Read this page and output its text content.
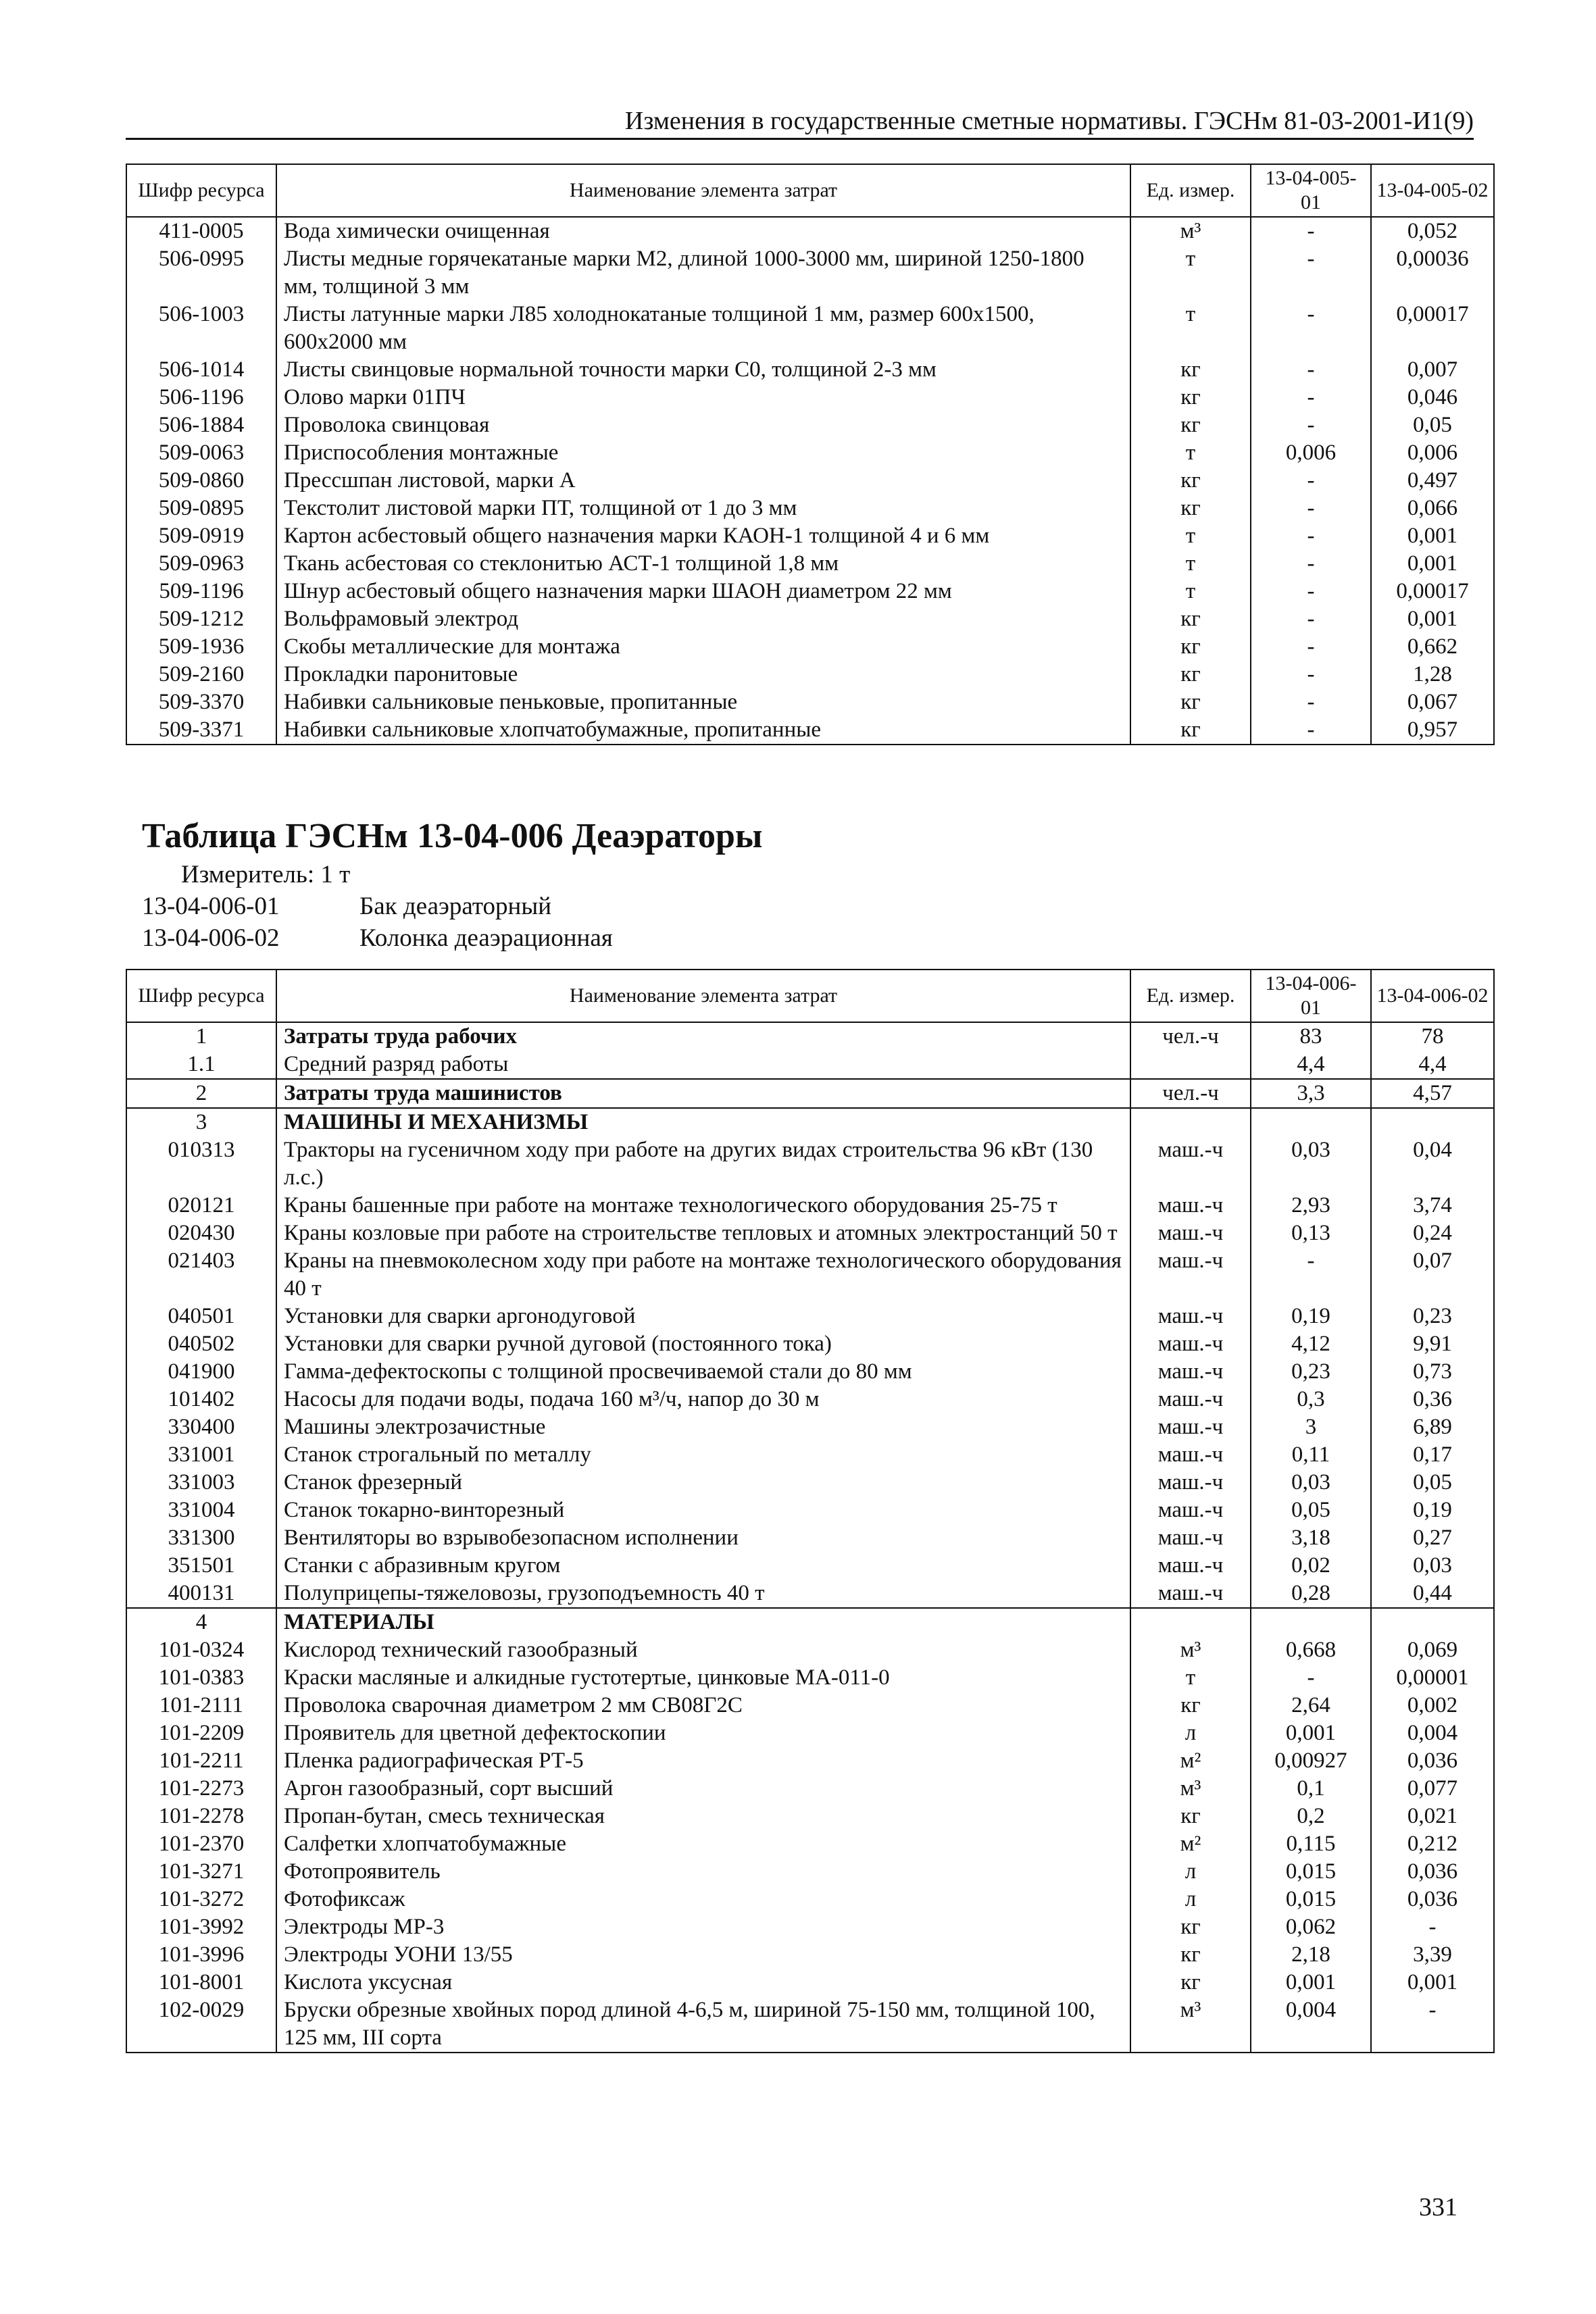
Изменения в государственные сметные нормативы. ГЭСНм 81-03-2001-И1(9)
Шифр ресурса	Наименование элемента затрат	Ед. измер.	13-04-005-01	13-04-005-02
411-0005	Вода химически очищенная	м³	-	0,052
506-0995	Листы медные горячекатаные марки М2, длиной 1000-3000 мм, шириной 1250-1800 мм, толщиной 3 мм	т	-	0,00036
506-1003	Листы латунные марки Л85 холоднокатаные толщиной 1 мм, размер 600х1500, 600х2000 мм	т	-	0,00017
506-1014	Листы свинцовые нормальной точности марки С0, толщиной 2-3 мм	кг	-	0,007
506-1196	Олово марки 01ПЧ	кг	-	0,046
506-1884	Проволока свинцовая	кг	-	0,05
509-0063	Приспособления монтажные	т	0,006	0,006
509-0860	Прессшпан листовой, марки А	кг	-	0,497
509-0895	Текстолит листовой марки ПТ, толщиной от 1 до 3 мм	кг	-	0,066
509-0919	Картон асбестовый общего назначения марки КАОН-1 толщиной 4 и 6 мм	т	-	0,001
509-0963	Ткань асбестовая со стеклонитью АСТ-1 толщиной 1,8 мм	т	-	0,001
509-1196	Шнур асбестовый общего назначения марки ШАОН диаметром 22 мм	т	-	0,00017
509-1212	Вольфрамовый электрод	кг	-	0,001
509-1936	Скобы металлические для монтажа	кг	-	0,662
509-2160	Прокладки паронитовые	кг	-	1,28
509-3370	Набивки сальниковые пеньковые, пропитанные	кг	-	0,067
509-3371	Набивки сальниковые хлопчатобумажные, пропитанные	кг	-	0,957
Таблица ГЭСНм 13-04-006 Деаэраторы
Измеритель: 1 т
13-04-006-01	Бак деаэраторный
13-04-006-02	Колонка деаэрационная
Шифр ресурса	Наименование элемента затрат	Ед. измер.	13-04-006-01	13-04-006-02
1	Затраты труда рабочих	чел.-ч	83	78
1.1	Средний разряд работы		4,4	4,4
2	Затраты труда машинистов	чел.-ч	3,3	4,57
3	МАШИНЫ И МЕХАНИЗМЫ			
010313	Тракторы на гусеничном ходу при работе на других видах строительства 96 кВт (130 л.с.)	маш.-ч	0,03	0,04
020121	Краны башенные при работе на монтаже технологического оборудования 25-75 т	маш.-ч	2,93	3,74
020430	Краны козловые при работе на строительстве тепловых и атомных электростанций 50 т	маш.-ч	0,13	0,24
021403	Краны на пневмоколесном ходу при работе на монтаже технологического оборудования 40 т	маш.-ч	-	0,07
040501	Установки для сварки аргонодуговой	маш.-ч	0,19	0,23
040502	Установки для сварки ручной дуговой (постоянного тока)	маш.-ч	4,12	9,91
041900	Гамма-дефектоскопы с толщиной просвечиваемой стали до 80 мм	маш.-ч	0,23	0,73
101402	Насосы для подачи воды, подача 160 м³/ч, напор до 30 м	маш.-ч	0,3	0,36
330400	Машины электрозачистные	маш.-ч	3	6,89
331001	Станок строгальный по металлу	маш.-ч	0,11	0,17
331003	Станок фрезерный	маш.-ч	0,03	0,05
331004	Станок токарно-винторезный	маш.-ч	0,05	0,19
331300	Вентиляторы во взрывобезопасном исполнении	маш.-ч	3,18	0,27
351501	Станки с абразивным кругом	маш.-ч	0,02	0,03
400131	Полуприцепы-тяжеловозы, грузоподъемность 40 т	маш.-ч	0,28	0,44
4	МАТЕРИАЛЫ			
101-0324	Кислород технический газообразный	м³	0,668	0,069
101-0383	Краски масляные и алкидные густотертые, цинковые МА-011-0	т	-	0,00001
101-2111	Проволока сварочная диаметром 2 мм СВ08Г2С	кг	2,64	0,002
101-2209	Проявитель для цветной дефектоскопии	л	0,001	0,004
101-2211	Пленка радиографическая РТ-5	м²	0,00927	0,036
101-2273	Аргон газообразный, сорт высший	м³	0,1	0,077
101-2278	Пропан-бутан, смесь техническая	кг	0,2	0,021
101-2370	Салфетки хлопчатобумажные	м²	0,115	0,212
101-3271	Фотопроявитель	л	0,015	0,036
101-3272	Фотофиксаж	л	0,015	0,036
101-3992	Электроды МР-3	кг	0,062	-
101-3996	Электроды УОНИ 13/55	кг	2,18	3,39
101-8001	Кислота уксусная	кг	0,001	0,001
102-0029	Бруски обрезные хвойных пород длиной 4-6,5 м, шириной 75-150 мм, толщиной 100, 125 мм, III сорта	м³	0,004	-
331
